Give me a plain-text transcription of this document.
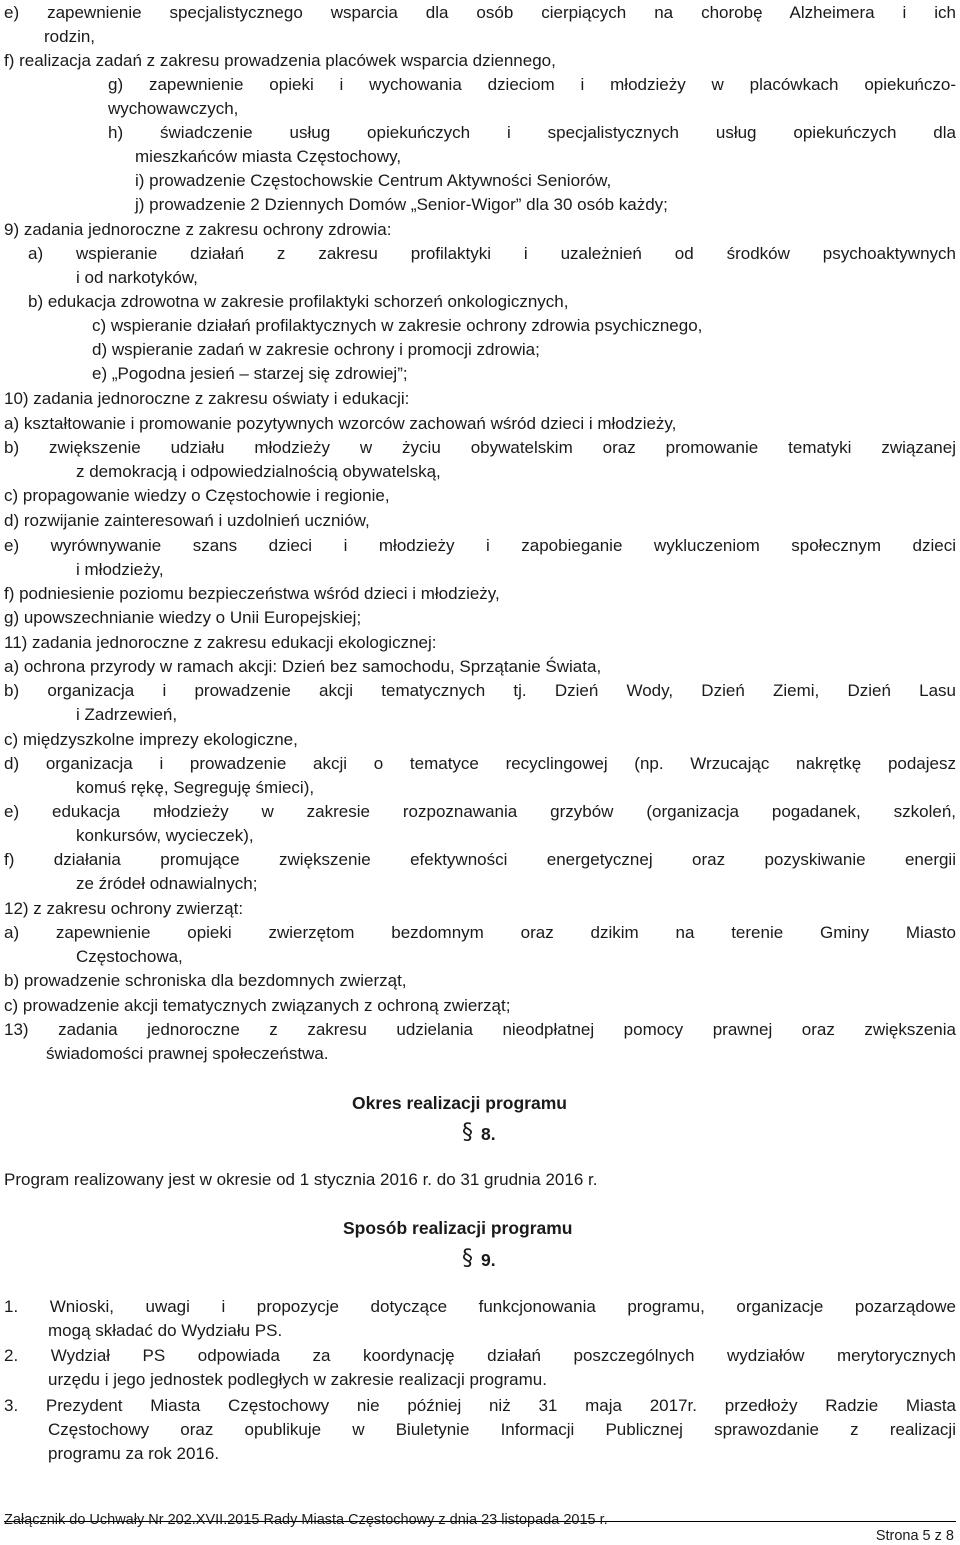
e) zapewnienie specjalistycznego wsparcia dla osób cierpiących na chorobę Alzheimera i ich
rodzin,
f) realizacja zadań z zakresu prowadzenia placówek wsparcia dziennego,
g) zapewnienie opieki i wychowania dzieciom i młodzieży w placówkach opiekuńczo-
wychowawczych,
h) świadczenie usług opiekuńczych i specjalistycznych usług opiekuńczych dla
mieszkańców miasta Częstochowy,
i) prowadzenie Częstochowskie Centrum Aktywności Seniorów,
j) prowadzenie 2 Dziennych Domów „Senior-Wigor” dla 30 osób każdy;
9) zadania jednoroczne z zakresu ochrony zdrowia:
a) wspieranie działań z zakresu profilaktyki i uzależnień od środków psychoaktywnych
i od narkotyków,
b) edukacja zdrowotna w zakresie profilaktyki schorzeń onkologicznych,
c) wspieranie działań profilaktycznych w zakresie ochrony zdrowia psychicznego,
d) wspieranie zadań w zakresie ochrony i promocji zdrowia;
e) „Pogodna jesień – starzej się zdrowiej”;
10) zadania jednoroczne z zakresu oświaty i edukacji:
a) kształtowanie i promowanie pozytywnych wzorców zachowań wśród dzieci i młodzieży,
b) zwiększenie udziału młodzieży w życiu obywatelskim oraz promowanie tematyki związanej
z demokracją i odpowiedzialnością obywatelską,
c) propagowanie wiedzy o Częstochowie i regionie,
d) rozwijanie zainteresowań i uzdolnień uczniów,
e) wyrównywanie szans dzieci i młodzieży i zapobieganie wykluczeniom społecznym dzieci
i młodzieży,
f) podniesienie poziomu bezpieczeństwa wśród dzieci i młodzieży,
g) upowszechnianie wiedzy o Unii Europejskiej;
11) zadania jednoroczne z zakresu edukacji ekologicznej:
a) ochrona przyrody w ramach akcji: Dzień bez samochodu, Sprzątanie Świata,
b) organizacja i prowadzenie akcji tematycznych tj. Dzień Wody, Dzień Ziemi, Dzień Lasu
i Zadrzewień,
c) międzyszkolne imprezy ekologiczne,
d) organizacja i prowadzenie akcji o tematyce recyclingowej (np. Wrzucając nakrętkę podajesz
komuś rękę, Segreguję śmieci),
e) edukacja młodzieży w zakresie rozpoznawania grzybów (organizacja pogadanek, szkoleń,
konkursów, wycieczek),
f) działania promujące zwiększenie efektywności energetycznej oraz pozyskiwanie energii
ze źródeł odnawialnych;
12) z zakresu ochrony zwierząt:
a) zapewnienie opieki zwierzętom bezdomnym oraz dzikim na terenie Gminy Miasto
Częstochowa,
b) prowadzenie schroniska dla bezdomnych zwierząt,
c) prowadzenie akcji tematycznych związanych z ochroną zwierząt;
13) zadania jednoroczne z zakresu udzielania nieodpłatnej pomocy prawnej oraz zwiększenia
świadomości prawnej społeczeństwa.
Okres realizacji programu
8.
Program realizowany jest w okresie od 1 stycznia 2016 r. do 31 grudnia 2016 r.
Sposób realizacji programu
9.
1. Wnioski, uwagi i propozycje dotyczące funkcjonowania programu, organizacje pozarządowe
mogą składać do Wydziału PS.
2. Wydział PS odpowiada za koordynację działań poszczególnych wydziałów merytorycznych
urzędu i jego jednostek podległych w zakresie realizacji programu.
3. Prezydent Miasta Częstochowy nie później niż 31 maja 2017r. przedłoży Radzie Miasta
Częstochowy oraz opublikuje w Biuletynie Informacji Publicznej sprawozdanie z realizacji
programu za rok 2016.
§
§
Załącznik do Uchwały Nr 202.XVII.2015 Rady Miasta Częstochowy z dnia 23 listopada 2015 r.
Strona 5 z 8
